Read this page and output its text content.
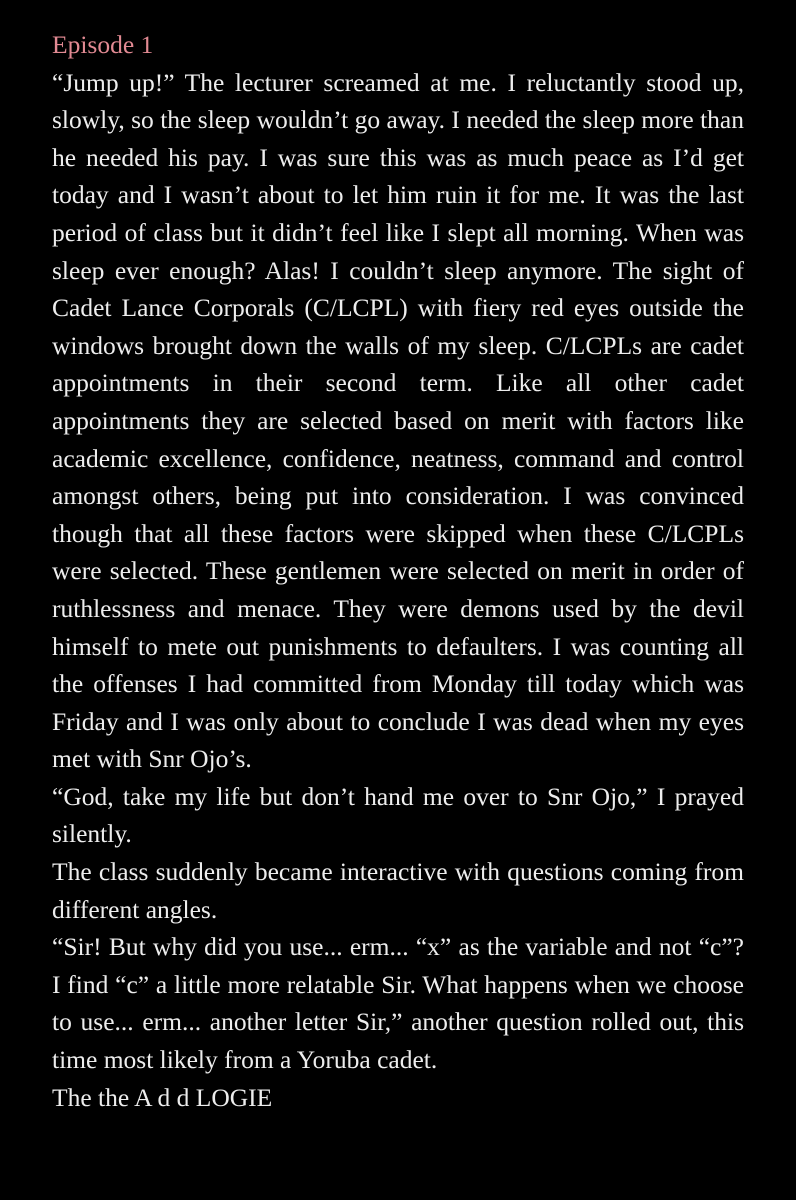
Episode 1

“Jump up!” The lecturer screamed at me. I reluctantly stood up, slowly, so the sleep wouldn’t go away. I needed the sleep more than he needed his pay. I was sure this was as much peace as I’d get today and I wasn’t about to let him ruin it for me. It was the last period of class but it didn’t feel like I slept all morning. When was sleep ever enough? Alas! I couldn’t sleep anymore. The sight of Cadet Lance Corporals (C/LCPL) with fiery red eyes outside the windows brought down the walls of my sleep. C/LCPLs are cadet appointments in their second term. Like all other cadet appointments they are selected based on merit with factors like academic excellence, confidence, neatness, command and control amongst others, being put into consideration. I was convinced though that all these factors were skipped when these C/LCPLs were selected. These gentlemen were selected on merit in order of ruthlessness and menace. They were demons used by the devil himself to mete out punishments to defaulters. I was counting all the offenses I had committed from Monday till today which was Friday and I was only about to conclude I was dead when my eyes met with Snr Ojo’s.

“God, take my life but don’t hand me over to Snr Ojo,” I prayed silently.

The class suddenly became interactive with questions coming from different angles.

“Sir! But why did you use... erm... “x” as the variable and not “c”? I find “c” a little more relatable Sir. What happens when we choose to use... erm... another letter Sir,” another question rolled out, this time most likely from a Yoruba cadet.

The the A d d LOGIE
